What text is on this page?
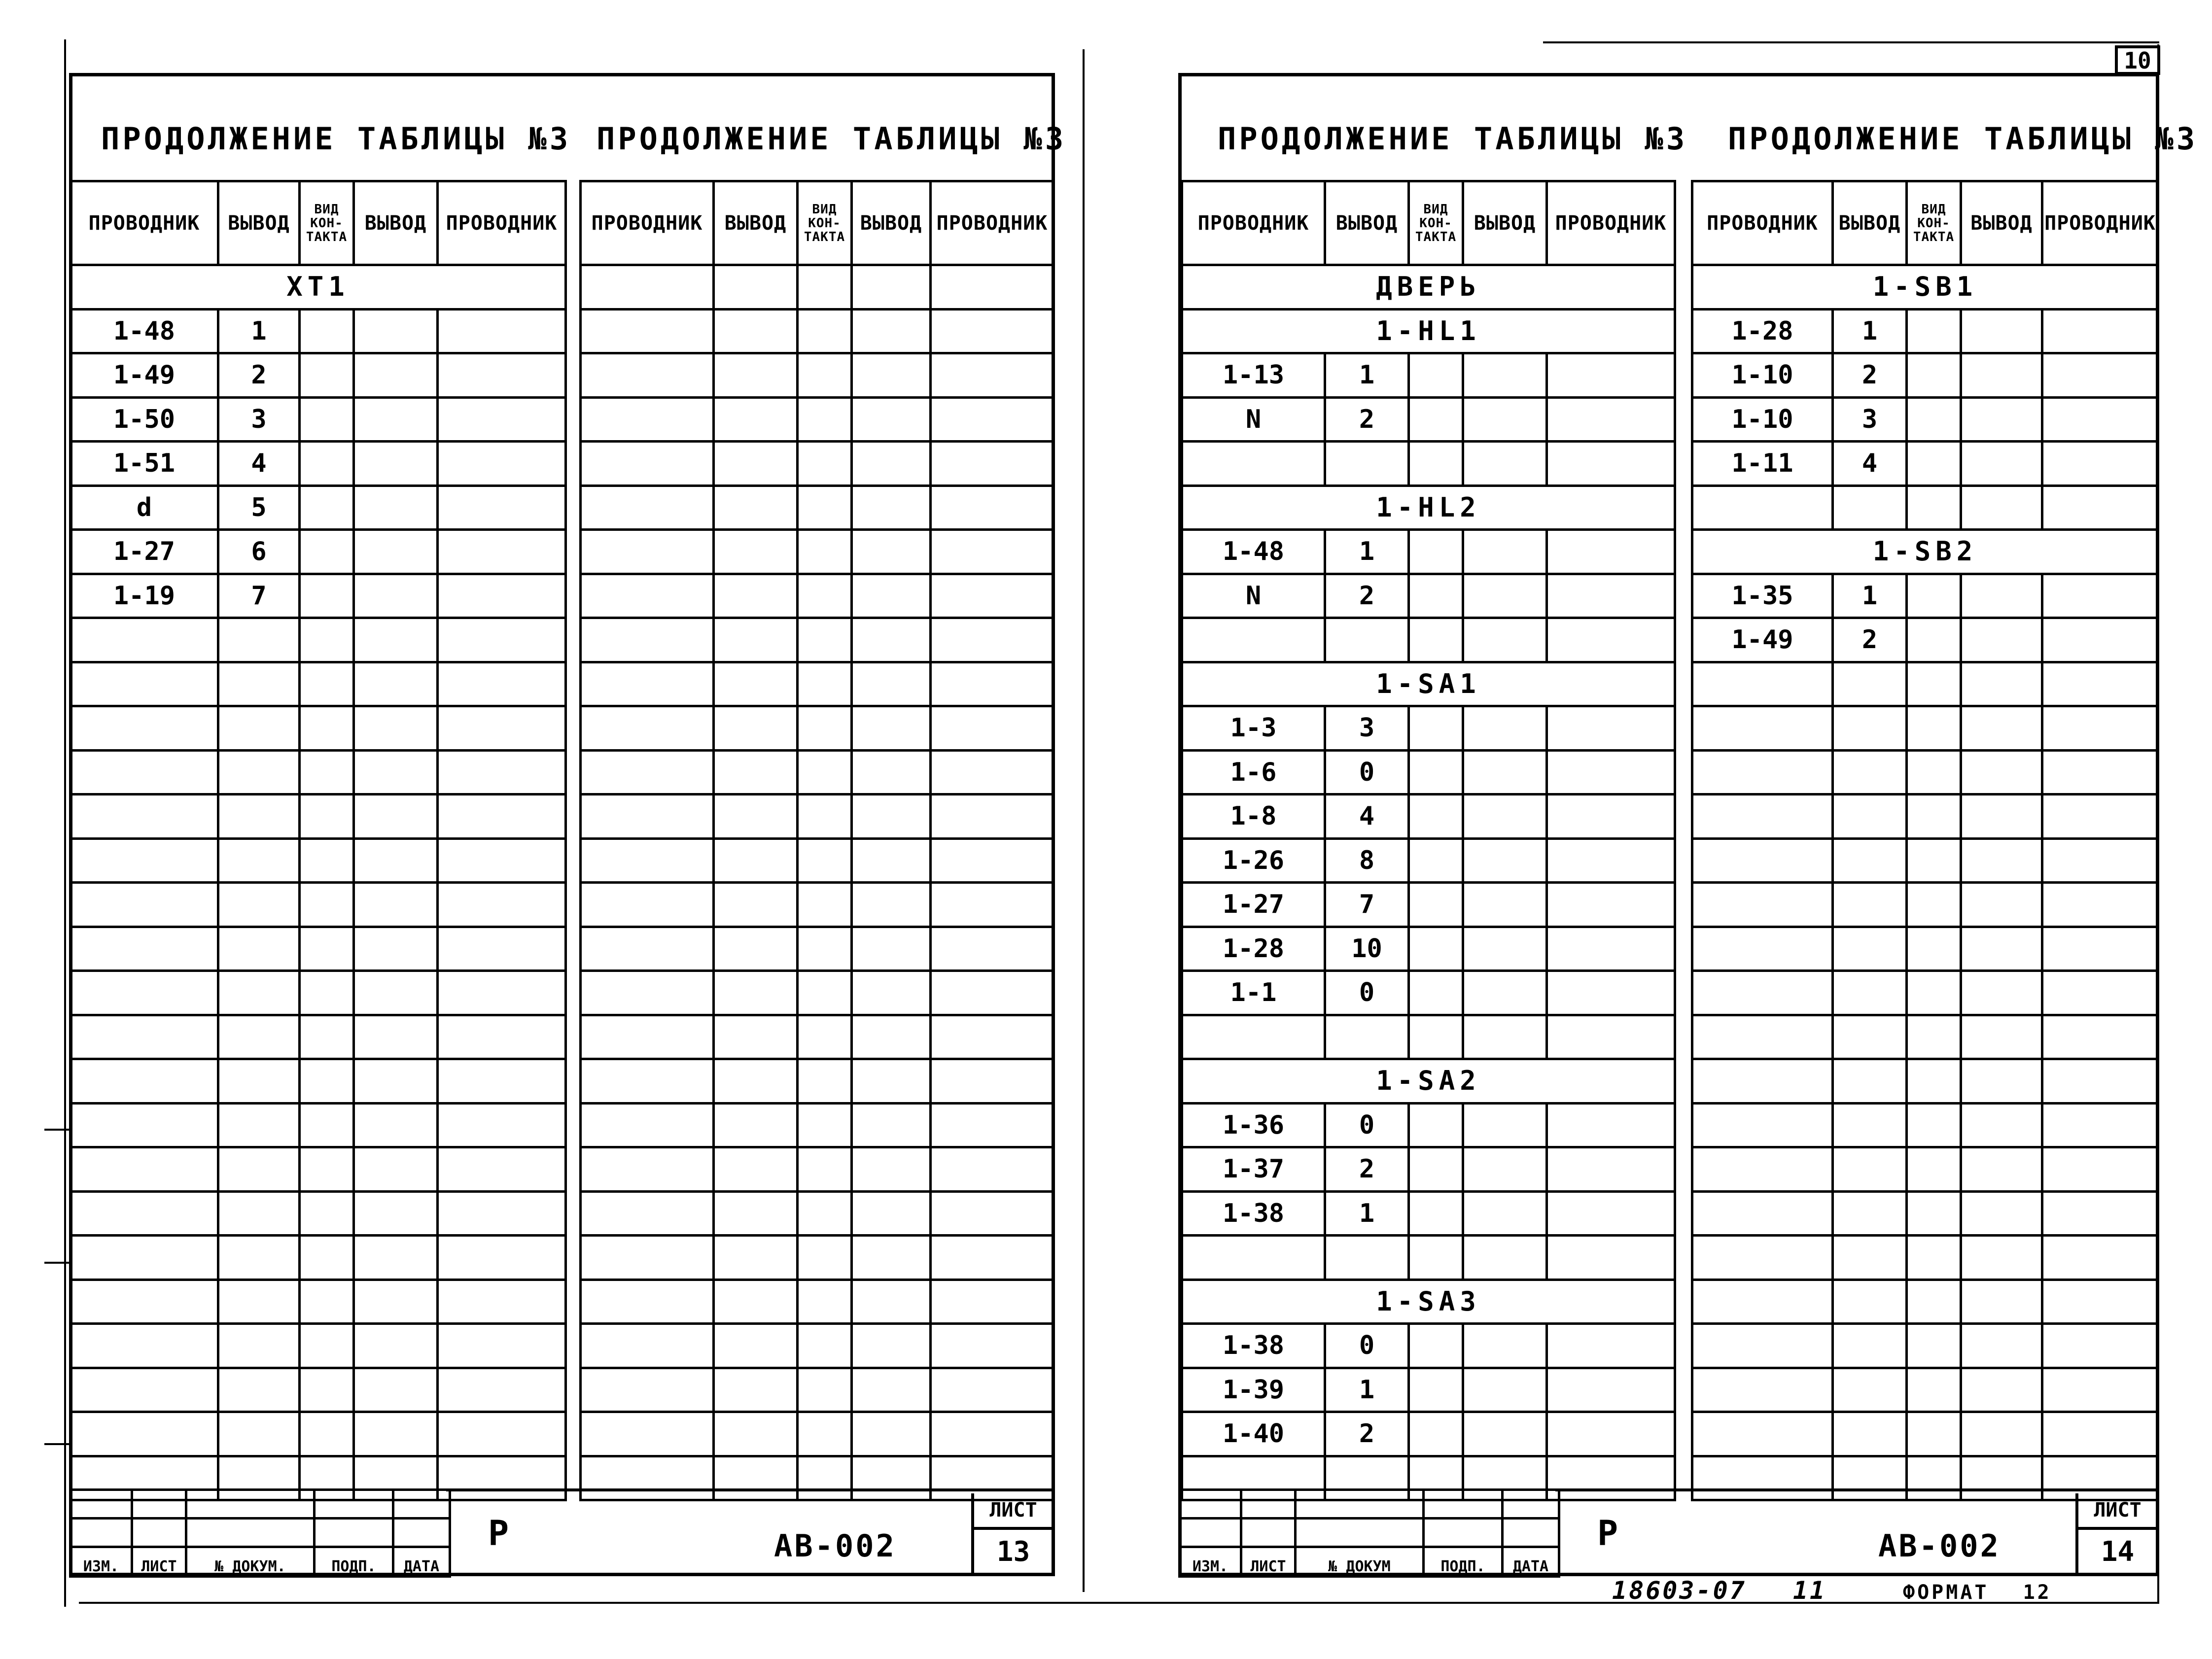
10
ПРОДОЛЖЕНИЕ ТАБЛИЦЫ №3 ПРОДОЛЖЕНИЕ ТАБЛИЦЫ №3	ПРОДОЛЖЕНИЕ ТАБЛИЦЫ №3 ПРОДОЛЖЕНИЕ ТАБЛИЦЫ №3
ПРОВОДНИК	ВЫВОД	ВИД
КОН-
ТАКТА	ВЫВОД	ПРОВОДНИК
XT1				
1-48	1			
1-49	2			
1-50	3			
1-51	4			
d	5			
1-27	6			
1-19	7			

ПРОВОДНИК	ВЫВОД	ВИД
КОН-
ТАКТА	ВЫВОД	ПРОВОДНИК

					ПРОВОДНИК	ВЫВОД	ВИД
КОН-
ТАКТА	ВЫВОД	ПРОВОДНИК
ДВЕРЬ				
1-HL1				
1-13	1			
N	2			

1-HL2				
1-48	1			
N	2			

1-SA1				
1-3	3			
1-6	0			
1-8	4			
1-26	8			
1-27	7			
1-28	10			
1-1	0			

1-SA2				
1-36	0			
1-37	2			
1-38	1			

1-SA3				
1-38	0			
1-39	1			
1-40	2			

ПРОВОДНИК	ВЫВОД	ВИД
КОН-
ТАКТА	ВЫВОД	ПРОВОДНИК
1-SB1				
1-28	1			
1-10	2			
1-10	3			
1-11	4			

1-SB2				
1-35	1			
1-49	2			

ИЗМ.	ЛИСТ	№ ДОКУМ.	ПОДП.	ДАТА
Р	АВ-002
ЛИСТ
13

					ИЗМ.	ЛИСТ	№ ДОКУМ	ПОДП.	ДАТА
Р	АВ-002
ЛИСТ
14
18603-07 11	ФОРМАТ 12
